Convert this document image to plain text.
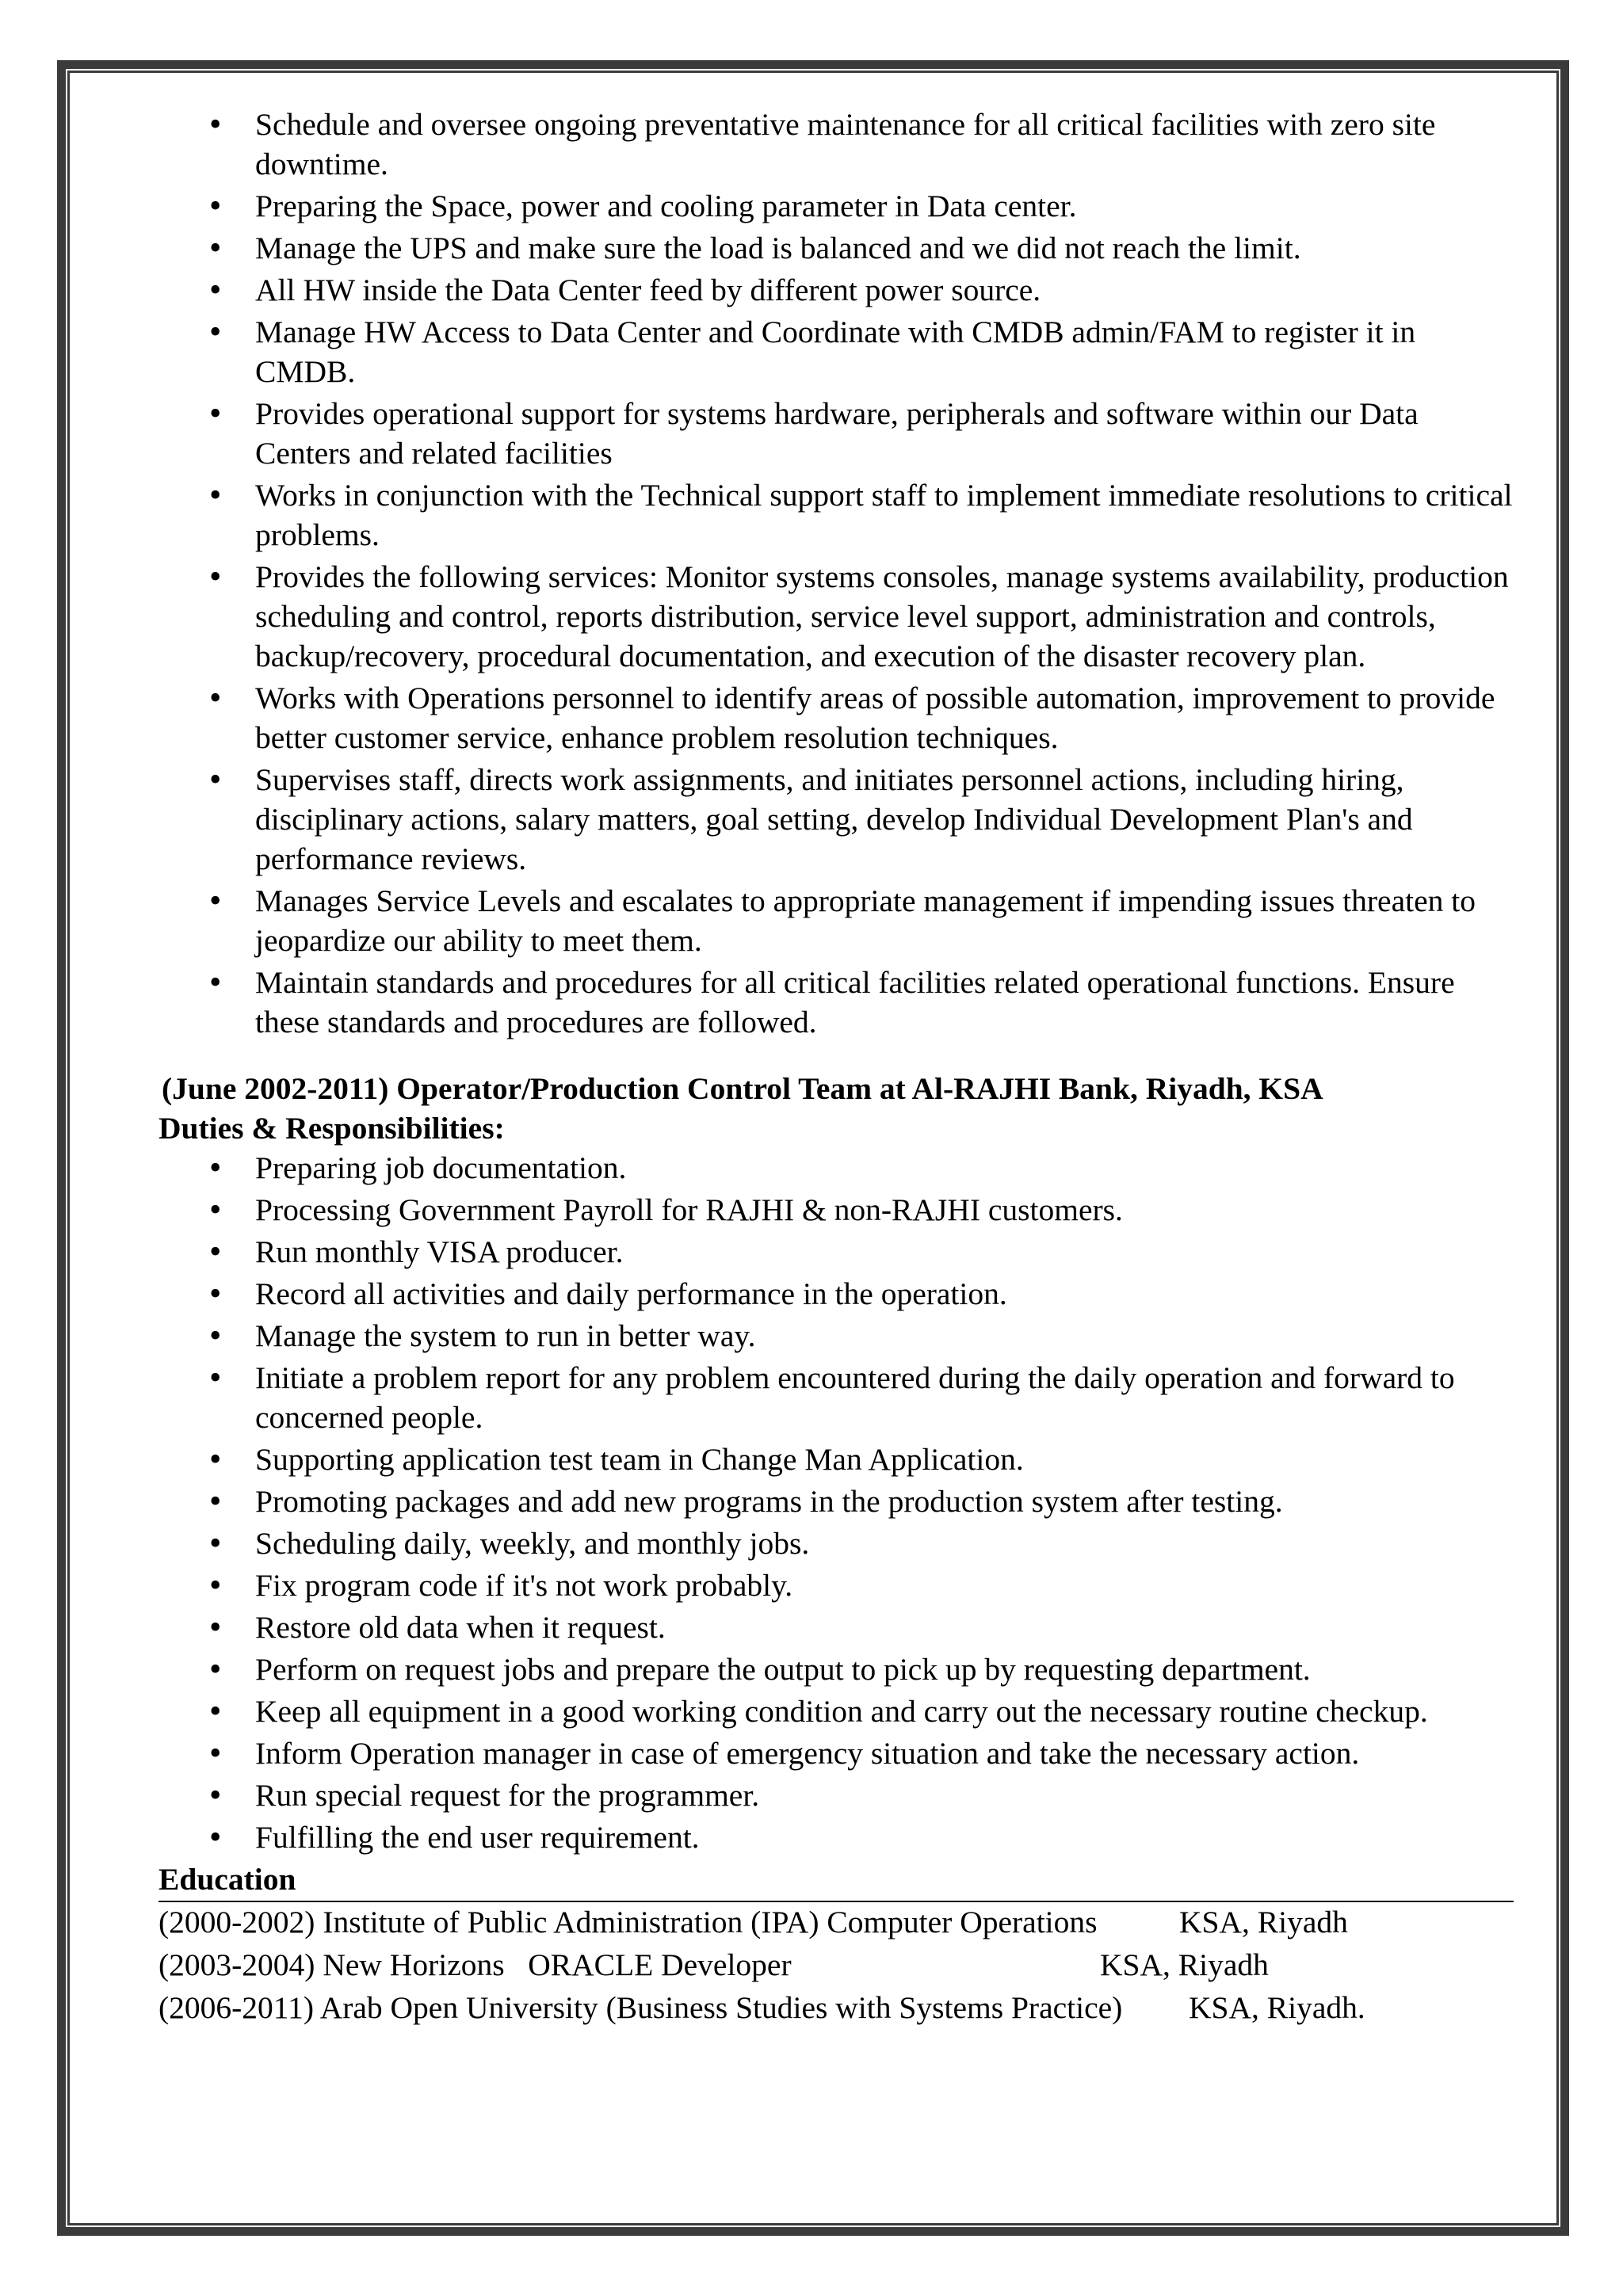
• Schedule and oversee ongoing preventative maintenance for all critical facilities with zero site downtime.
• Preparing the Space, power and cooling parameter in Data center.
• Manage the UPS and make sure the load is balanced and we did not reach the limit.
• All HW inside the Data Center feed by different power source.
• Manage HW Access to Data Center and Coordinate with CMDB admin/FAM to register it in CMDB.
• Provides operational support for systems hardware, peripherals and software within our Data Centers and related facilities
• Works in conjunction with the Technical support staff to implement immediate resolutions to critical problems.
• Provides the following services: Monitor systems consoles, manage systems availability, production scheduling and control, reports distribution, service level support, administration and controls, backup/recovery, procedural documentation, and execution of the disaster recovery plan.
• Works with Operations personnel to identify areas of possible automation, improvement to provide better customer service, enhance problem resolution techniques.
• Supervises staff, directs work assignments, and initiates personnel actions, including hiring, disciplinary actions, salary matters, goal setting, develop Individual Development Plan's and performance reviews.
• Manages Service Levels and escalates to appropriate management if impending issues threaten to jeopardize our ability to meet them.
• Maintain standards and procedures for all critical facilities related operational functions. Ensure these standards and procedures are followed.
(June 2002-2011) Operator/Production Control Team at Al-RAJHI Bank, Riyadh, KSA
Duties & Responsibilities:
• Preparing job documentation.
• Processing Government Payroll for RAJHI & non-RAJHI customers.
• Run monthly VISA producer.
• Record all activities and daily performance in the operation.
• Manage the system to run in better way.
• Initiate a problem report for any problem encountered during the daily operation and forward to concerned people.
• Supporting application test team in Change Man Application.
• Promoting packages and add new programs in the production system after testing.
• Scheduling daily, weekly, and monthly jobs.
• Fix program code if it's not work probably.
• Restore old data when it request.
• Perform on request jobs and prepare the output to pick up by requesting department.
• Keep all equipment in a good working condition and carry out the necessary routine checkup.
• Inform Operation manager in case of emergency situation and take the necessary action.
• Run special request for the programmer.
• Fulfilling the end user requirement.
Education
(2000-2002) Institute of Public Administration (IPA) Computer Operations	KSA, Riyadh
(2003-2004) New Horizons   ORACLE Developer	KSA, Riyadh
(2006-2011) Arab Open University (Business Studies with Systems Practice) KSA, Riyadh.
